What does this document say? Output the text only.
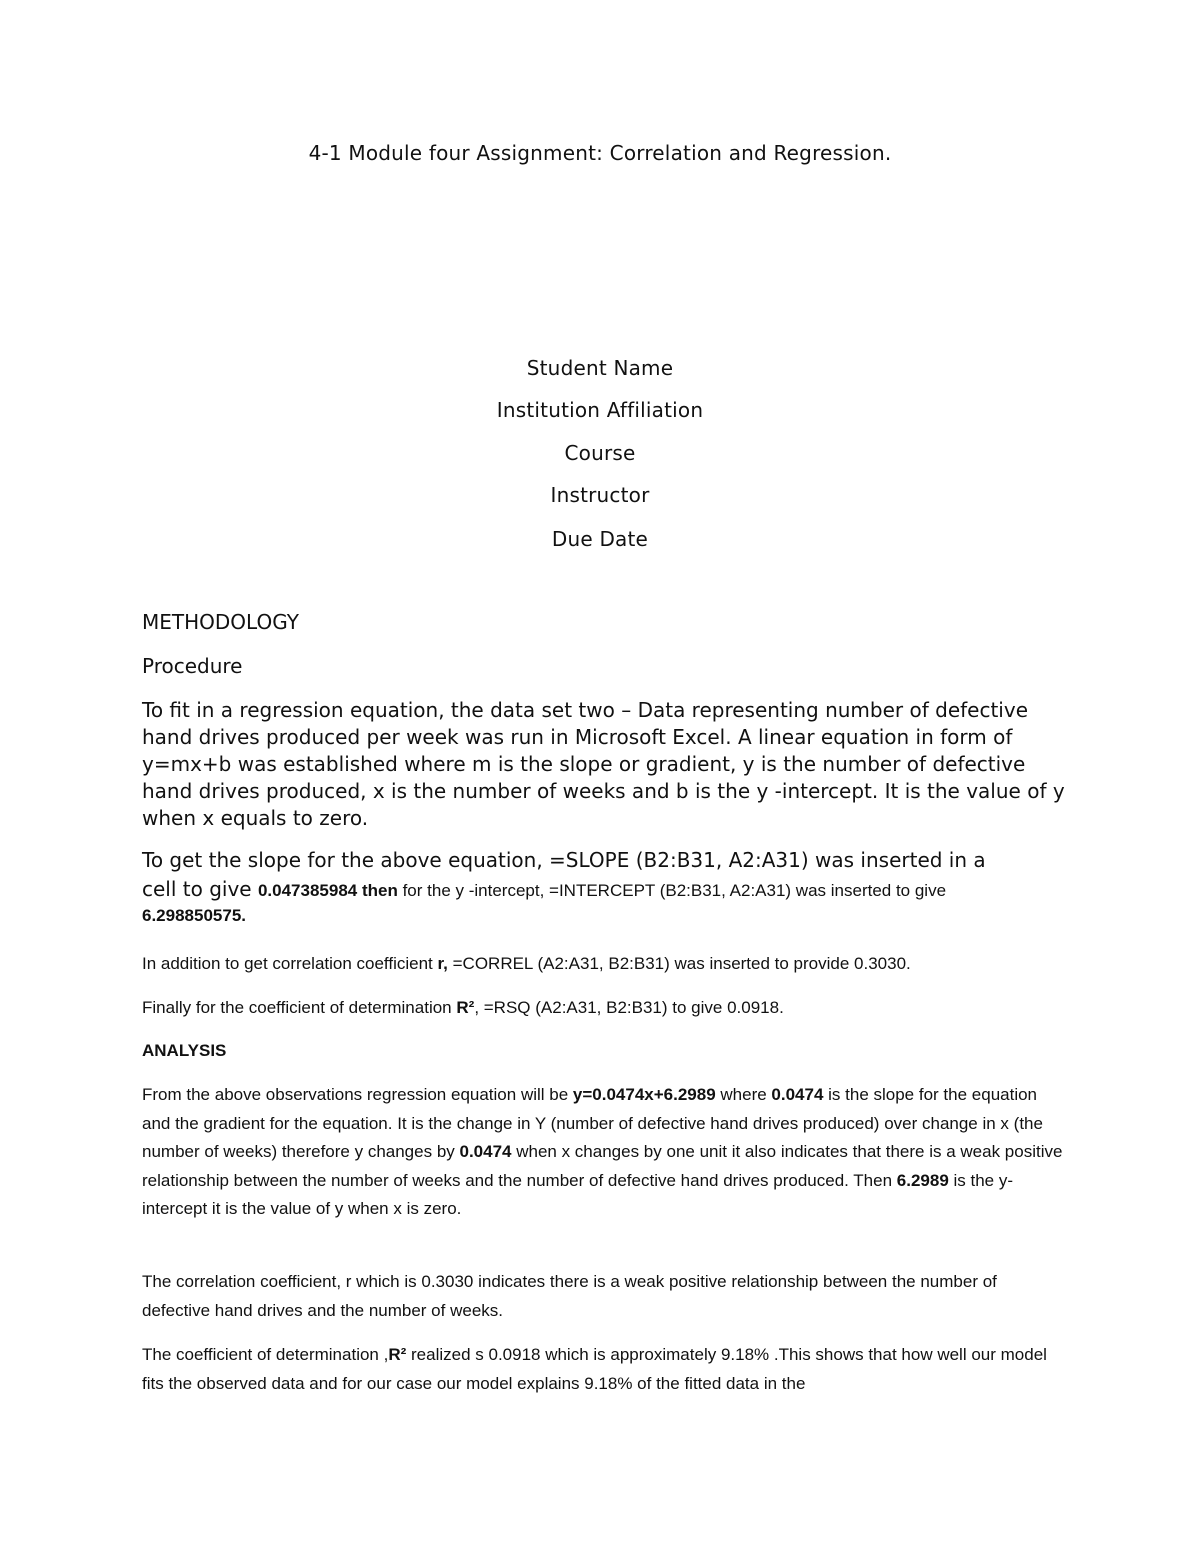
4-1 Module four Assignment: Correlation and Regression.
Student Name
Institution Affiliation
Course
Instructor
Due Date
METHODOLOGY
Procedure

To fit in a regression equation, the data set two – Data representing number of defective hand drives produced per week was run in Microsoft Excel. A linear equation in form of y=mx+b was established where m is the slope or gradient, y is the number of defective hand drives produced, x is the number of weeks and b is the y -intercept. It is the value of y when x equals to zero.

To get the slope for the above equation, =SLOPE (B2:B31, A2:A31) was inserted in a

cell to give 0.047385984 then for the y -intercept, =INTERCEPT (B2:B31, A2:A31) was inserted to give

6.298850575.

In addition to get correlation coefficient r, =CORREL (A2:A31, B2:B31) was inserted to provide 0.3030.

Finally for the coefficient of determination R², =RSQ (A2:A31, B2:B31) to give 0.0918.

ANALYSIS

From the above observations regression equation will be y=0.0474x+6.2989 where 0.0474 is the slope for the equation and the gradient for the equation. It is the change in Y (number of defective hand drives produced) over change in x (the number of weeks) therefore y changes by 0.0474 when x changes by one unit it also indicates that there is a weak positive relationship between the number of weeks and the number of defective hand drives produced. Then 6.2989 is the y-intercept it is the value of y when x is zero.

The correlation coefficient, r which is 0.3030 indicates there is a weak positive relationship between the number of defective hand drives and the number of weeks.

The coefficient of determination ,R² realized s 0.0918 which is approximately 9.18% .This shows that how well our model fits the observed data and for our case our model explains 9.18% of the fitted data in the
